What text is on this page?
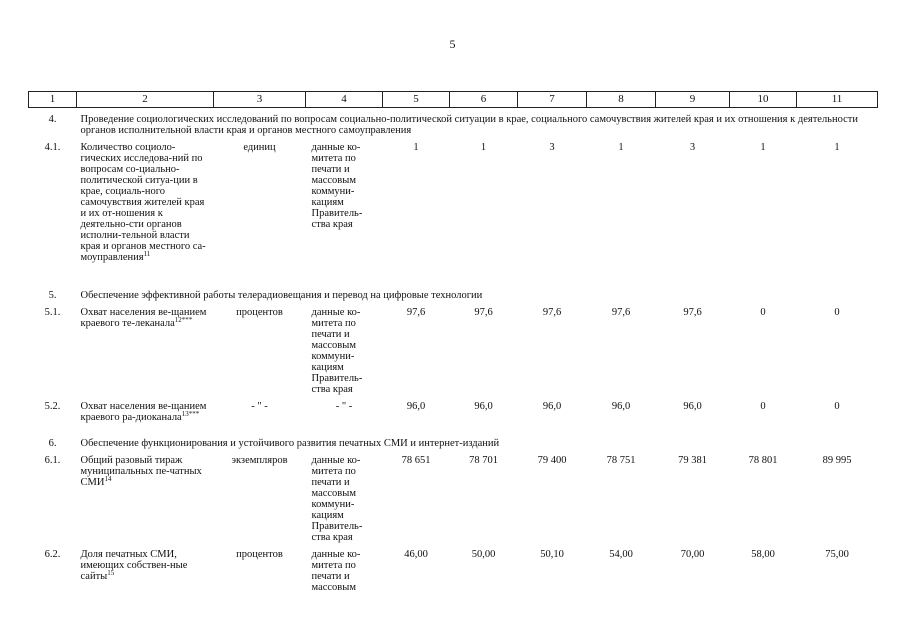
5
1	2	3	4	5	6	7	8	9	10	11
4.	Проведение социологических исследований по вопросам социально-политической ситуации в крае, социального самочувствия жителей края и их отношения к деятельности органов исполнительной власти края и органов местного самоуправления									
4.1.	Количество социоло-гических исследова-ний по вопросам со-циально-политической ситуа-ции в крае, социаль-ного самочувствия жителей края и их от-ношения к деятельно-сти органов исполни-тельной власти края и органов местного са-моуправления$^{11}$	единиц	данные ко-митета по печати и массовым коммуни-кациям Правитель-ства края	1	1	3	1	3	1	1
5.	Обеспечение эффективной работы телерадиовещания и перевод на цифровые технологии									
5.1.	Охват населения ве-щанием краевого те-леканала$^{12***}$	процентов	данные ко-митета по печати и массовым коммуни-кациям Правитель-ства края	97,6	97,6	97,6	97,6	97,6	0	0
5.2.	Охват населения ве-щанием краевого ра-диоканала$^{13***}$	- " -	- " -	96,0	96,0	96,0	96,0	96,0	0	0
6.	Обеспечение функционирования и устойчивого развития печатных СМИ и интернет-изданий									
6.1.	Общий разовый тираж муниципальных пе-чатных СМИ$^{14}$	экземпляров	данные ко-митета по печати и массовым коммуни-кациям Правитель-ства края	78 651	78 701	79 400	78 751	79 381	78 801	89 995
6.2.	Доля печатных СМИ, имеющих собствен-ные сайты$^{15}$	процентов	данные ко-митета по печати и массовым	46,00	50,00	50,10	54,00	70,00	58,00	75,00
